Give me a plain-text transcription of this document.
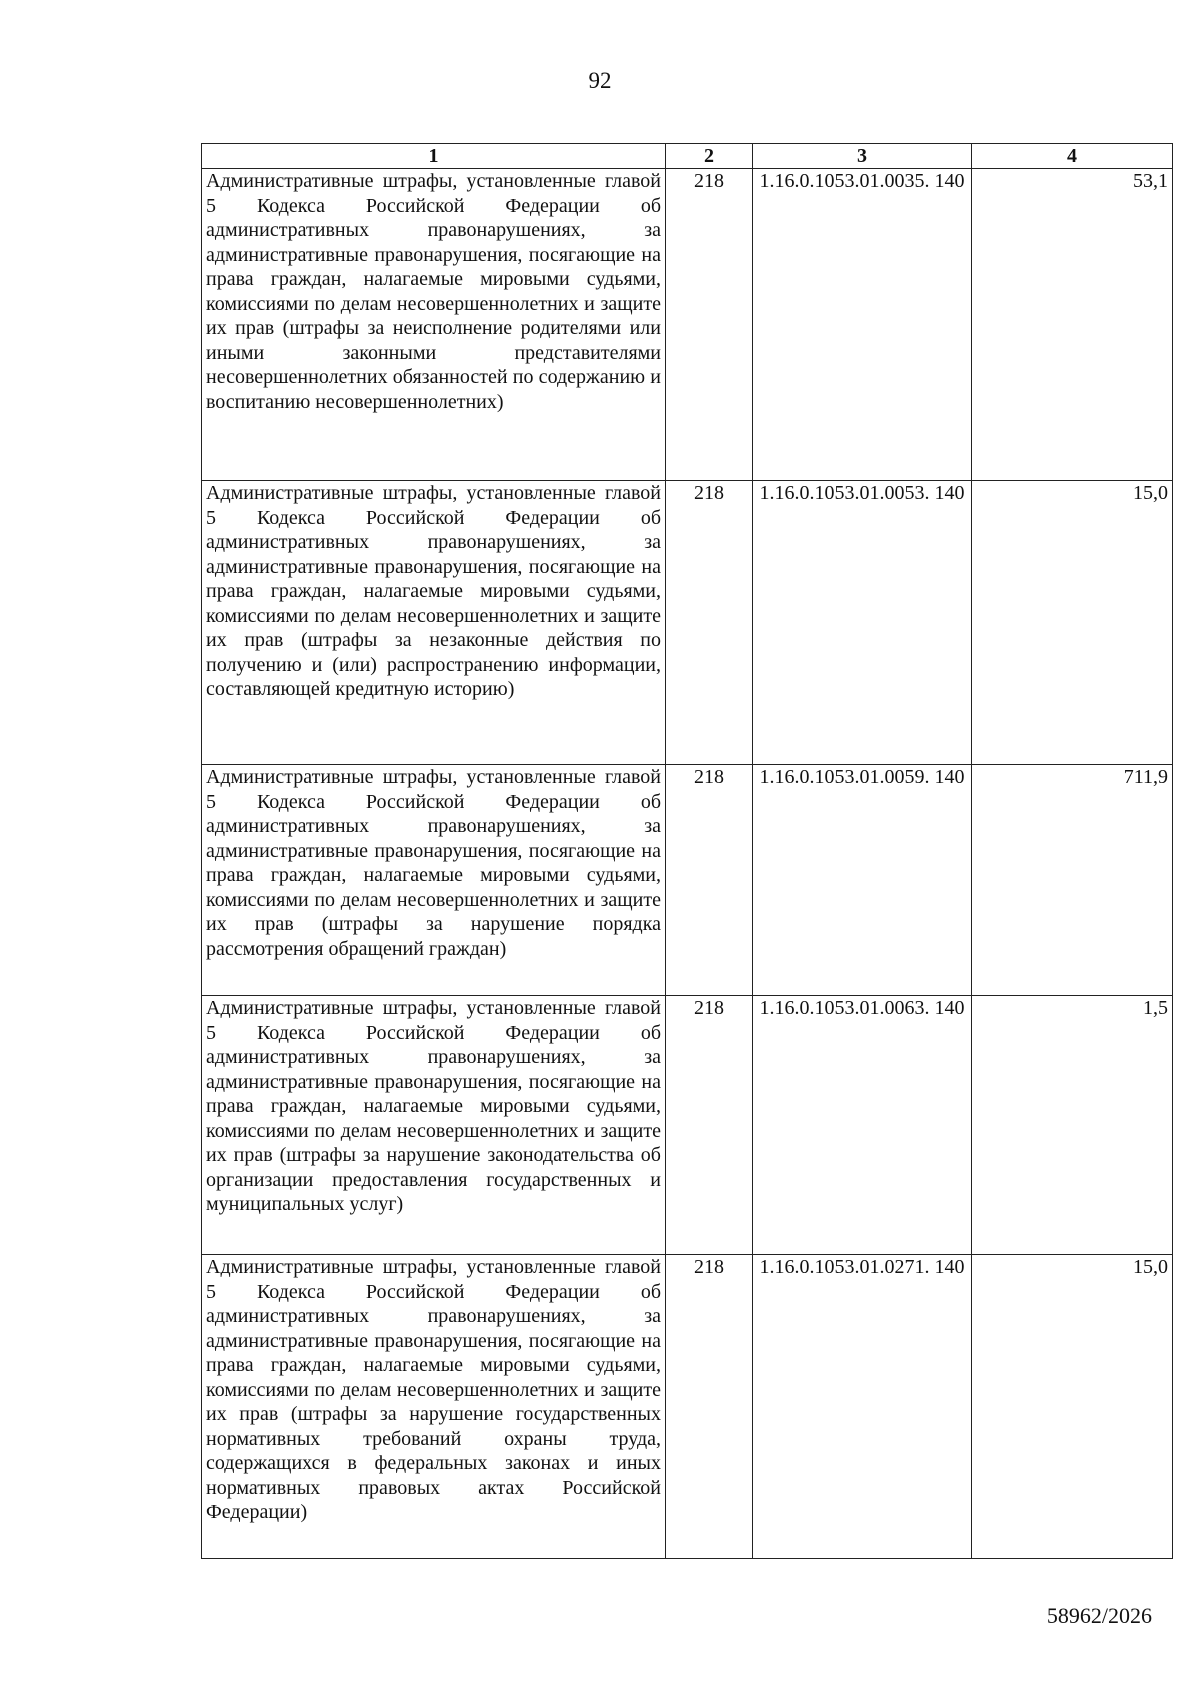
92
1	2	3	4
Административные штрафы, установленные главой 5 Кодекса Российской Федерации об административных правонарушениях, за административные правонарушения, посягающие на права граждан, налагаемые мировыми судьями, комиссиями по делам несовершеннолетних и защите их прав (штрафы за неисполнение родителями или иными законными представителями несовершеннолетних обязанностей по содержанию и воспитанию несовершеннолетних)	218	1.16.0.1053.01.0035. 140	53,1
Административные штрафы, установленные главой 5 Кодекса Российской Федерации об административных правонарушениях, за административные правонарушения, посягающие на права граждан, налагаемые мировыми судьями, комиссиями по делам несовершеннолетних и защите их прав (штрафы за незаконные действия по получению и (или) распространению информации, составляющей кредитную историю)	218	1.16.0.1053.01.0053. 140	15,0
Административные штрафы, установленные главой 5 Кодекса Российской Федерации об административных правонарушениях, за административные правонарушения, посягающие на права граждан, налагаемые мировыми судьями, комиссиями по делам несовершеннолетних и защите их прав (штрафы за нарушение порядка рассмотрения обращений граждан)	218	1.16.0.1053.01.0059. 140	711,9
Административные штрафы, установленные главой 5 Кодекса Российской Федерации об административных правонарушениях, за административные правонарушения, посягающие на права граждан, налагаемые мировыми судьями, комиссиями по делам несовершеннолетних и защите их прав (штрафы за нарушение законодательства об организации предоставления государственных и муниципальных услуг)	218	1.16.0.1053.01.0063. 140	1,5
Административные штрафы, установленные главой 5 Кодекса Российской Федерации об административных правонарушениях, за административные правонарушения, посягающие на права граждан, налагаемые мировыми судьями, комиссиями по делам несовершеннолетних и защите их прав (штрафы за нарушение государственных нормативных требований охраны труда, содержащихся в федеральных законах и иных нормативных правовых актах Российской Федерации)	218	1.16.0.1053.01.0271. 140	15,0
58962/2026
